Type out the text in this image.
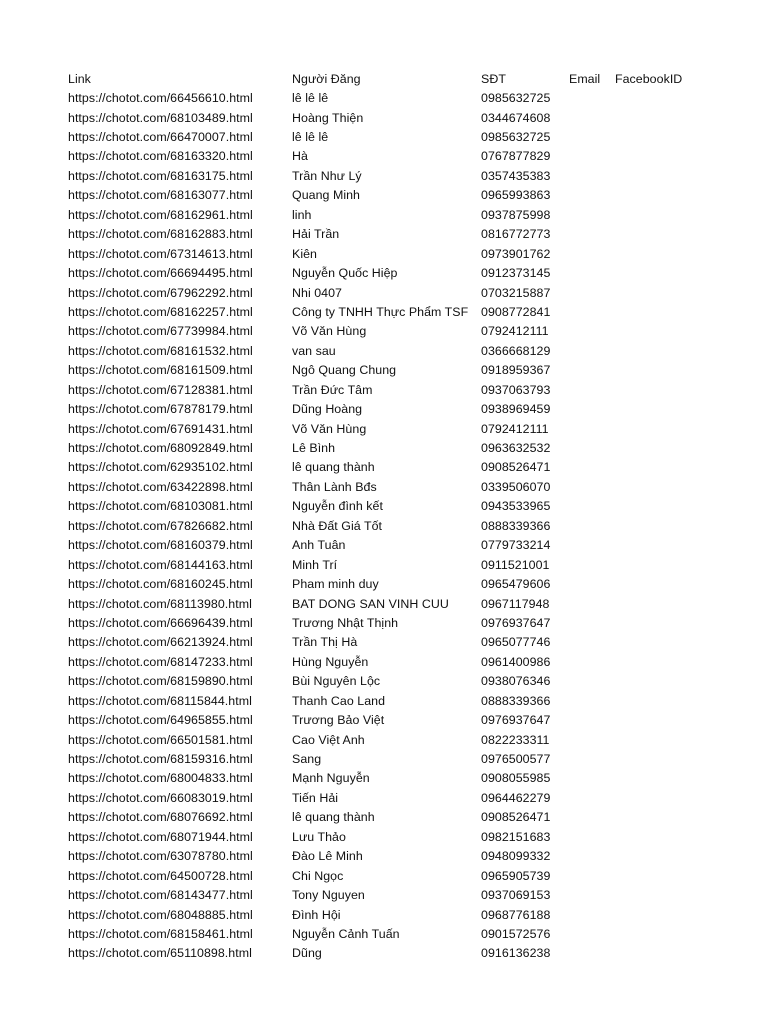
Link	Người Đăng	SĐT	Email	FacebookID
https://chotot.com/66456610.html	lê lê lê	0985632725
https://chotot.com/68103489.html	Hoàng Thiện	0344674608
https://chotot.com/66470007.html	lê lê lê	0985632725
https://chotot.com/68163320.html	Hà	0767877829
https://chotot.com/68163175.html	Trần Như Lý	0357435383
https://chotot.com/68163077.html	Quang Minh	0965993863
https://chotot.com/68162961.html	linh	0937875998
https://chotot.com/68162883.html	Hải Trần	0816772773
https://chotot.com/67314613.html	Kiên	0973901762
https://chotot.com/66694495.html	Nguyễn Quốc Hiệp	0912373145
https://chotot.com/67962292.html	Nhi 0407	0703215887
https://chotot.com/68162257.html	Công ty TNHH Thực Phẩm TSF	0908772841
https://chotot.com/67739984.html	Võ Văn Hùng	0792412111
https://chotot.com/68161532.html	van sau	0366668129
https://chotot.com/68161509.html	Ngô Quang Chung	0918959367
https://chotot.com/67128381.html	Trần Đức Tâm	0937063793
https://chotot.com/67878179.html	Dũng Hoàng	0938969459
https://chotot.com/67691431.html	Võ Văn Hùng	0792412111
https://chotot.com/68092849.html	Lê Bình	0963632532
https://chotot.com/62935102.html	lê quang thành	0908526471
https://chotot.com/63422898.html	Thân Lành Bđs	0339506070
https://chotot.com/68103081.html	Nguyễn đình kết	0943533965
https://chotot.com/67826682.html	Nhà Đất Giá Tốt	0888339366
https://chotot.com/68160379.html	Anh Tuân	0779733214
https://chotot.com/68144163.html	Minh Trí	0911521001
https://chotot.com/68160245.html	Pham minh duy	0965479606
https://chotot.com/68113980.html	BAT DONG SAN VINH CUU	0967117948
https://chotot.com/66696439.html	Trương Nhật Thịnh	0976937647
https://chotot.com/66213924.html	Trần Thị Hà	0965077746
https://chotot.com/68147233.html	Hùng Nguyễn	0961400986
https://chotot.com/68159890.html	Bùi Nguyên Lộc	0938076346
https://chotot.com/68115844.html	Thanh Cao Land	0888339366
https://chotot.com/64965855.html	Trương Bảo Việt	0976937647
https://chotot.com/66501581.html	Cao Việt Anh	0822233311
https://chotot.com/68159316.html	Sang	0976500577
https://chotot.com/68004833.html	Mạnh Nguyễn	0908055985
https://chotot.com/66083019.html	Tiến Hải	0964462279
https://chotot.com/68076692.html	lê quang thành	0908526471
https://chotot.com/68071944.html	Lưu Thảo	0982151683
https://chotot.com/63078780.html	Đào Lê Minh	0948099332
https://chotot.com/64500728.html	Chi Ngọc	0965905739
https://chotot.com/68143477.html	Tony Nguyen	0937069153
https://chotot.com/68048885.html	Đình Hội	0968776188
https://chotot.com/68158461.html	Nguyễn Cảnh Tuấn	0901572576
https://chotot.com/65110898.html	Dũng	0916136238
